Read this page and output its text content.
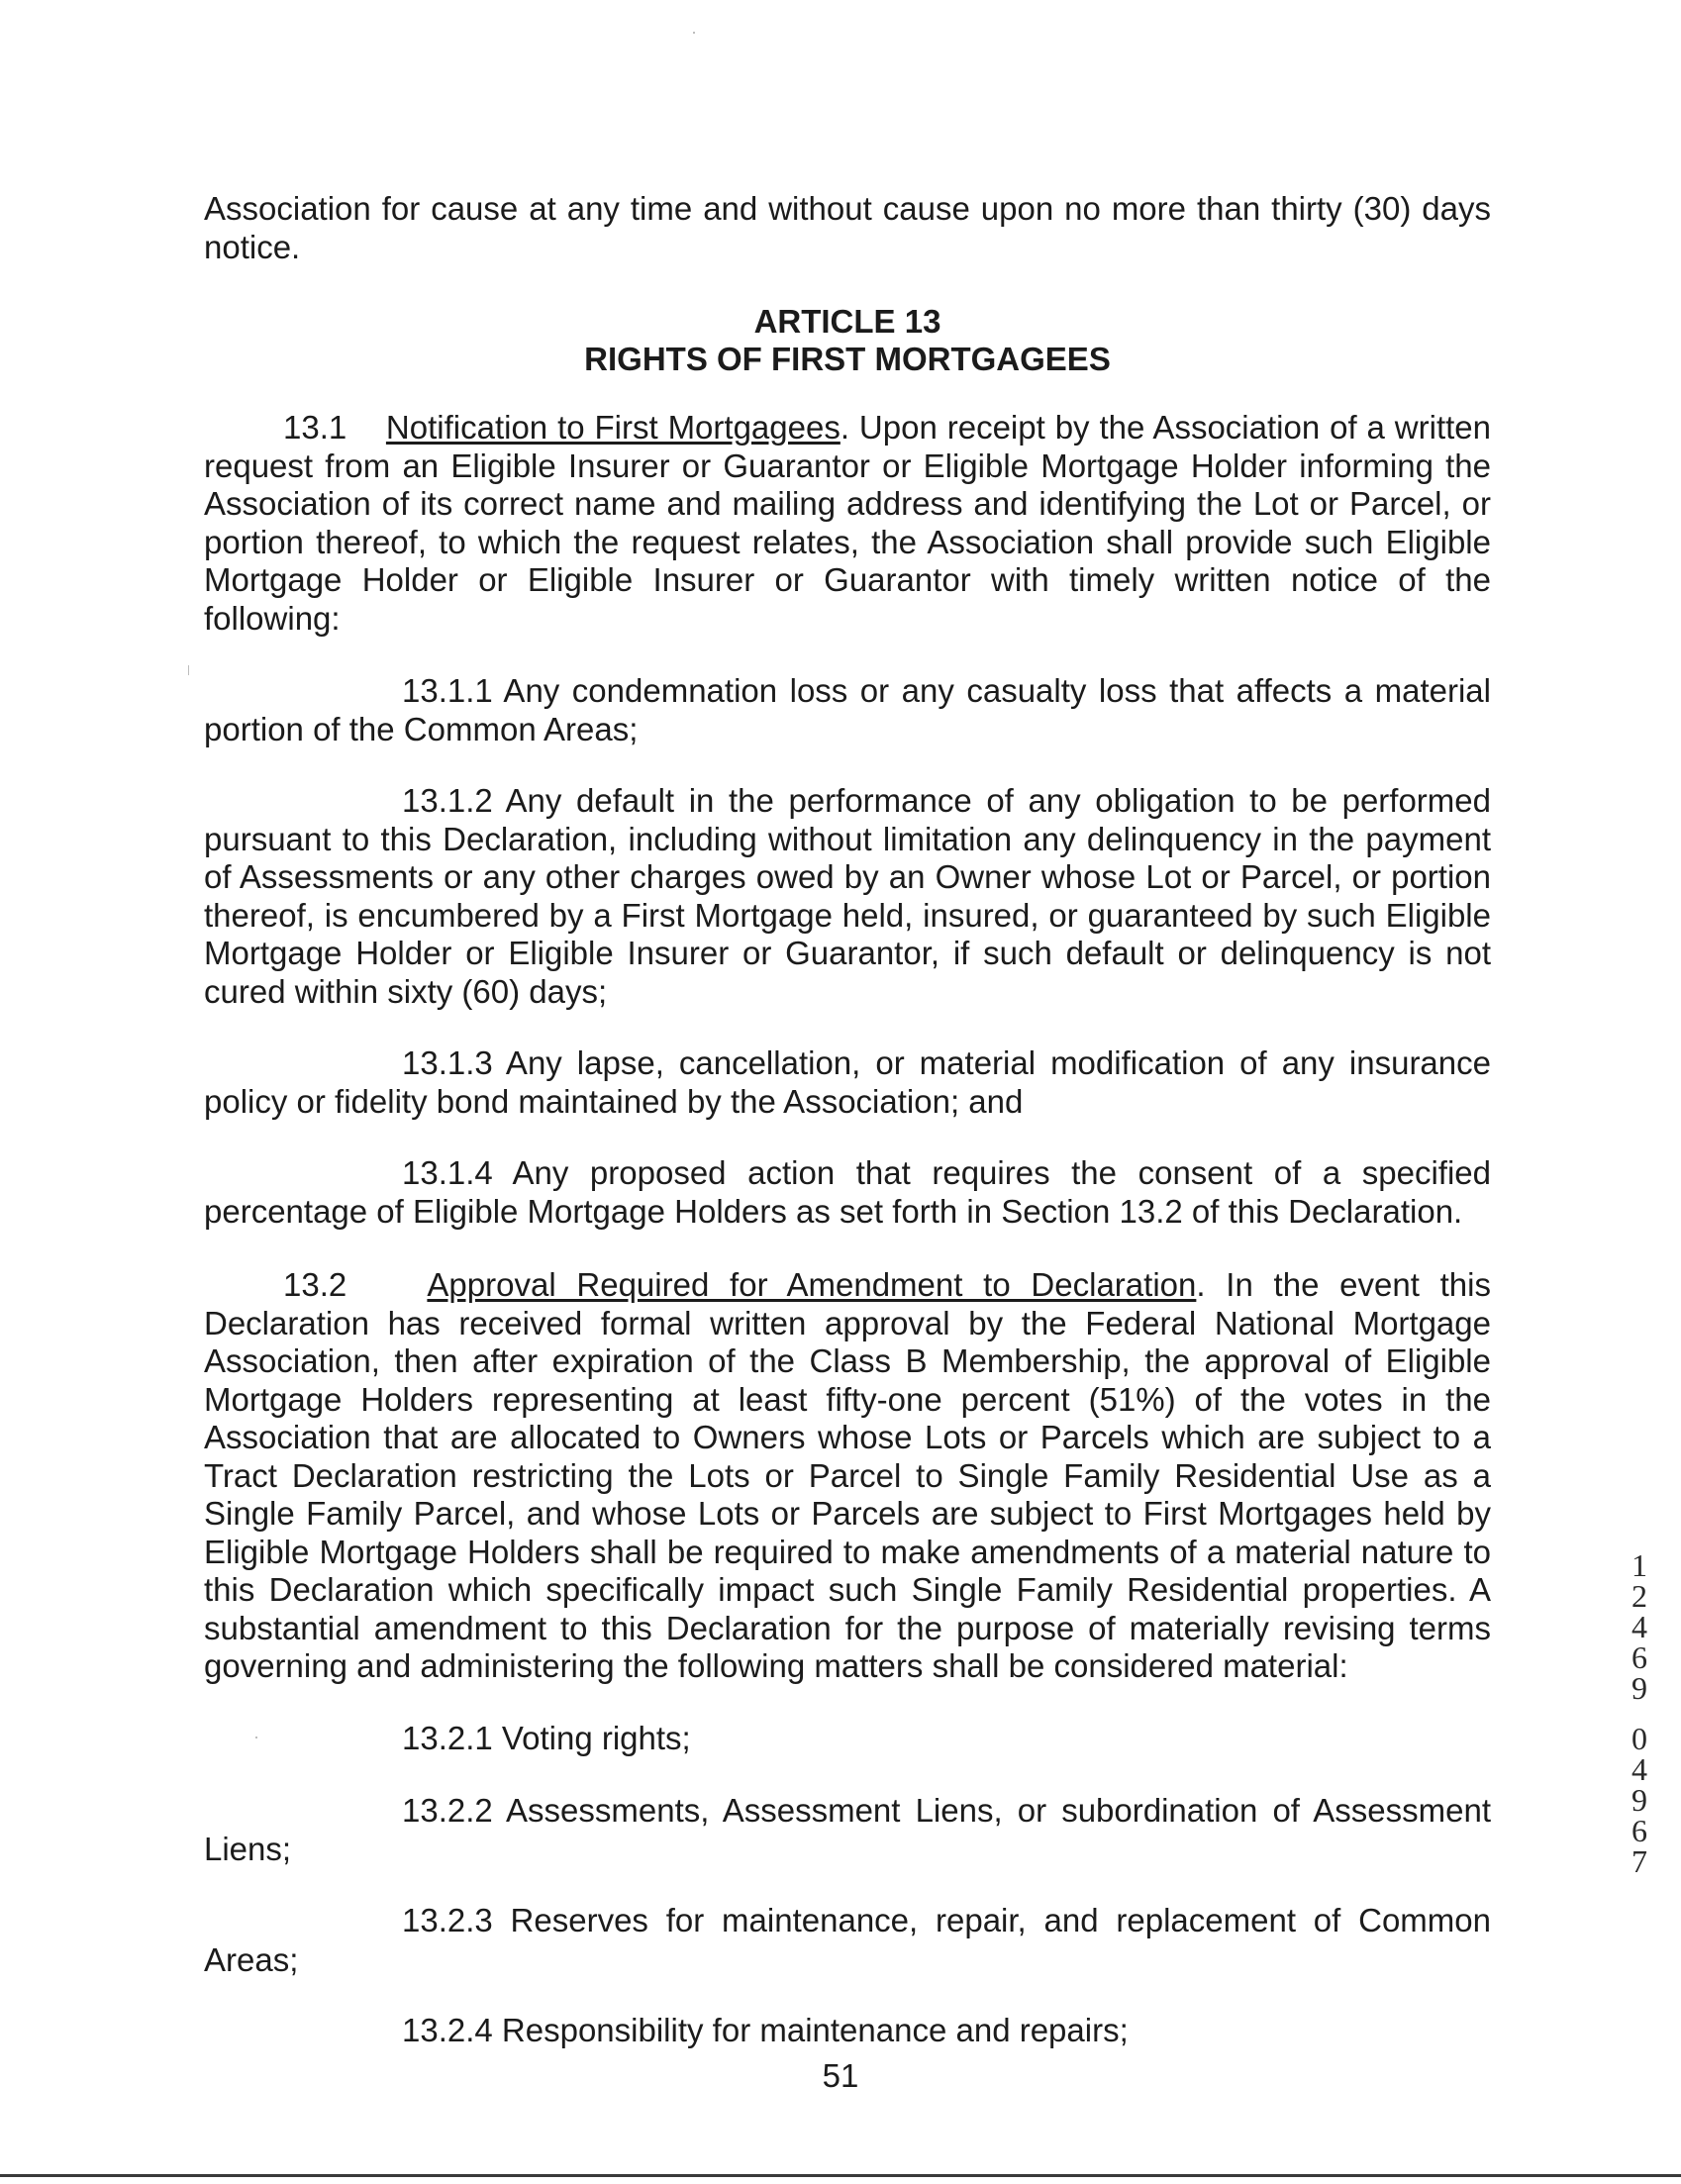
Association for cause at any time and without cause upon no more than thirty (30) days notice.

ARTICLE 13

RIGHTS OF FIRST MORTGAGEES

13.1 Notification to First Mortgagees. Upon receipt by the Association of a written request from an Eligible Insurer or Guarantor or Eligible Mortgage Holder informing the Association of its correct name and mailing address and identifying the Lot or Parcel, or portion thereof, to which the request relates, the Association shall provide such Eligible Mortgage Holder or Eligible Insurer or Guarantor with timely written notice of the following:

13.1.1 Any condemnation loss or any casualty loss that affects a material portion of the Common Areas;

13.1.2 Any default in the performance of any obligation to be performed pursuant to this Declaration, including without limitation any delinquency in the payment of Assessments or any other charges owed by an Owner whose Lot or Parcel, or portion thereof, is encumbered by a First Mortgage held, insured, or guaranteed by such Eligible Mortgage Holder or Eligible Insurer or Guarantor, if such default or delinquency is not cured within sixty (60) days;

13.1.3 Any lapse, cancellation, or material modification of any insurance policy or fidelity bond maintained by the Association; and

13.1.4 Any proposed action that requires the consent of a specified percentage of Eligible Mortgage Holders as set forth in Section 13.2 of this Declaration.

13.2 Approval Required for Amendment to Declaration. In the event this Declaration has received formal written approval by the Federal National Mortgage Association, then after expiration of the Class B Membership, the approval of Eligible Mortgage Holders representing at least fifty-one percent (51%) of the votes in the Association that are allocated to Owners whose Lots or Parcels which are subject to a Tract Declaration restricting the Lots or Parcel to Single Family Residential Use as a Single Family Parcel, and whose Lots or Parcels are subject to First Mortgages held by Eligible Mortgage Holders shall be required to make amendments of a material nature to this Declaration which specifically impact such Single Family Residential properties. A substantial amendment to this Declaration for the purpose of materially revising terms governing and administering the following matters shall be considered material:

13.2.1 Voting rights;

13.2.2 Assessments, Assessment Liens, or subordination of Assessment

Liens;

13.2.3 Reserves for maintenance, repair, and replacement of Common

Areas;

13.2.4 Responsibility for maintenance and repairs;

51
1
2
4
6
9
0
4
9
6
7
